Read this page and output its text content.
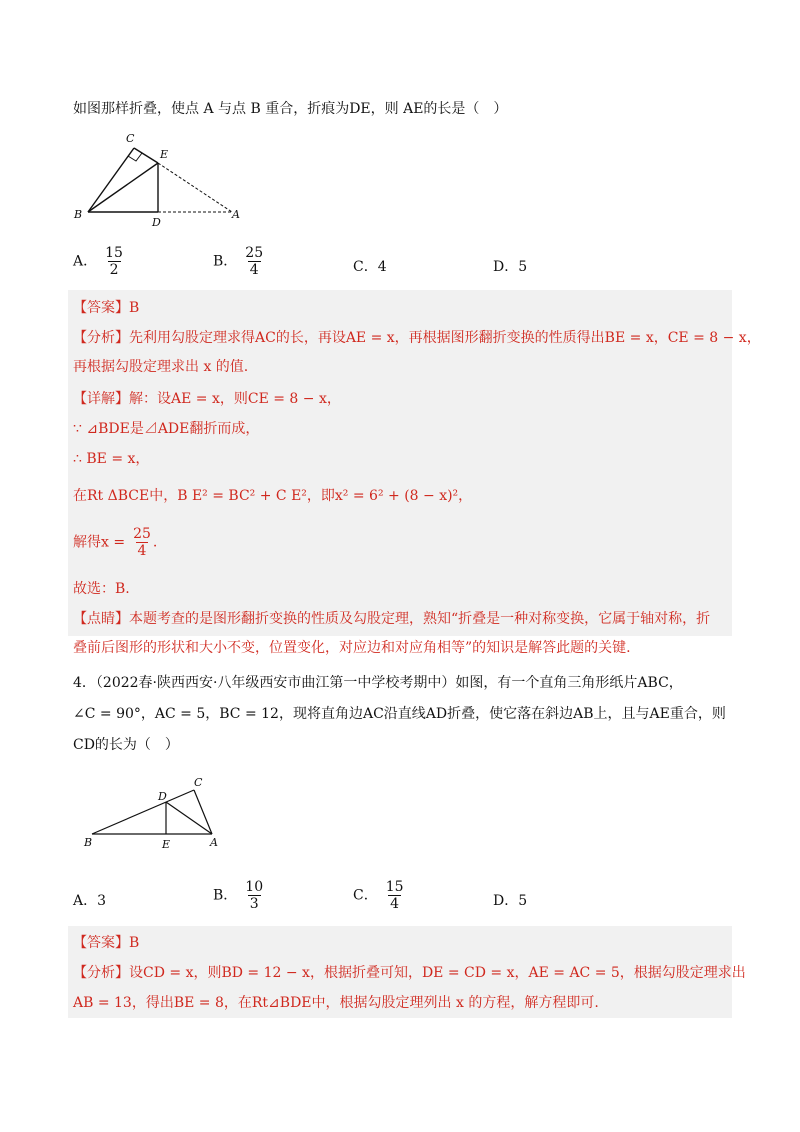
如图那样折叠，使点 A 与点 B 重合，折痕为DE，则 AE的长是（　）
C
E
B
D
A
A． $\frac{15}{2}$	B． $\frac{25}{4}$	C．4	D．5
【答案】B
【分析】先利用勾股定理求得AC的长，再设AE = x，再根据图形翻折变换的性质得出BE = x，CE = 8 − x，
再根据勾股定理求出 x 的值.
【详解】解：设AE = x，则CE = 8 − x，
∵ ⊿BDE是⊿ADE翻折而成，
∴ BE = x，
在Rt ΔBCE中，B E² = BC² + C E²，即x² = 6² + (8 − x)²，
解得$x = \frac{25}{4}$ .
故选：B.
【点睛】本题考查的是图形翻折变换的性质及勾股定理，熟知“折叠是一种对称变换，它属于轴对称，折
叠前后图形的形状和大小不变，位置变化，对应边和对应角相等”的知识是解答此题的关键.
4．（2022春·陕西西安·八年级西安市曲江第一中学校考期中）如图，有一个直角三角形纸片ABC，
∠C = 90°，AC = 5，BC = 12，现将直角边AC沿直线AD折叠，使它落在斜边AB上，且与AE重合，则
CD的长为（　）
C
D
B	E	A
A．3	B． $\frac{10}{3}$	C． $\frac{15}{4}$	D．5
【答案】B
【分析】设CD = x，则BD = 12 − x，根据折叠可知，DE = CD = x，AE = AC = 5，根据勾股定理求出
AB = 13，得出BE = 8，在Rt⊿BDE中，根据勾股定理列出 x 的方程，解方程即可.
